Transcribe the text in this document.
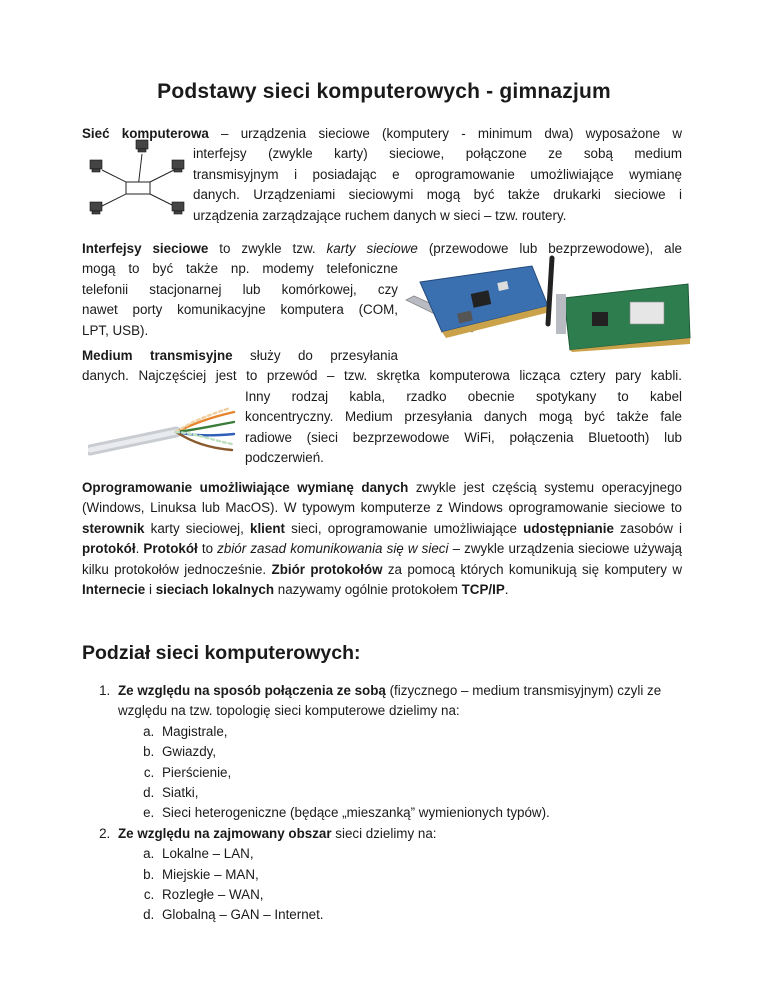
Podstawy sieci komputerowych - gimnazjum
Sieć komputerowa – urządzenia sieciowe (komputery - minimum dwa) wyposażone w
interfejsy (zwykle karty) sieciowe, połączone ze sobą medium
transmisyjnym i posiadając e oprogramowanie umożliwiające wymianę
danych. Urządzeniami sieciowymi mogą być także drukarki sieciowe i
urządzenia zarządzające ruchem danych w sieci – tzw. routery.
Interfejsy sieciowe to zwykle tzw. karty sieciowe (przewodowe lub bezprzewodowe), ale
mogą to być także np. modemy telefoniczne
telefonii stacjonarnej lub komórkowej, czy
nawet porty komunikacyjne komputera (COM,
LPT, USB).
Medium transmisyjne służy do przesyłania
danych. Najczęściej jest to przewód – tzw. skrętka komputerowa licząca cztery pary kabli.
Inny rodzaj kabla, rzadko obecnie spotykany to kabel
koncentryczny. Medium przesyłania danych mogą być także fale
radiowe (sieci bezprzewodowe WiFi, połączenia Bluetooth) lub
podczerwień.

Oprogramowanie umożliwiające wymianę danych zwykle jest częścią systemu operacyjnego (Windows, Linuksa lub MacOS). W typowym komputerze z Windows oprogramowanie sieciowe to sterownik karty sieciowej, klient sieci, oprogramowanie umożliwiające udostępnianie zasobów i protokół. Protokół to zbiór zasad komunikowania się w sieci – zwykle urządzenia sieciowe używają kilku protokołów jednocześnie. Zbiór protokołów za pomocą których komunikują się komputery w Internecie i sieciach lokalnych nazywamy ogólnie protokołem TCP/IP.

Podział sieci komputerowych:
1. Ze względu na sposób połączenia ze sobą (fizycznego – medium transmisyjnym) czyli ze względu na tzw. topologię sieci komputerowe dzielimy na:
a. Magistrale,
b. Gwiazdy,
c. Pierścienie,
d. Siatki,
e. Sieci heterogeniczne (będące „mieszanką” wymienionych typów).
2. Ze względu na zajmowany obszar sieci dzielimy na:
a. Lokalne – LAN,
b. Miejskie – MAN,
c. Rozległe – WAN,
d. Globalną – GAN – Internet.
